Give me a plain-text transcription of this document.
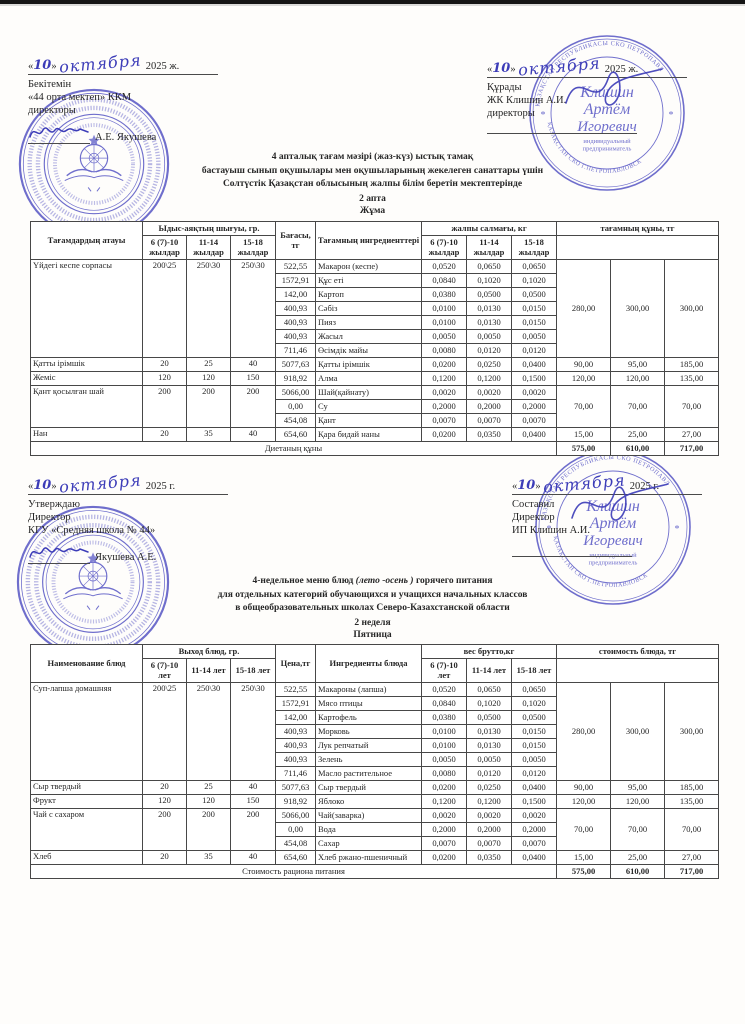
«10»октября 2025 ж.
Бекітемін
«44 орта мектеп» ККМ
директоры
А.Е. Якушева
«10»октября 2025 ж.
Құрады
ЖК Клишин А.И.
директоры
4 апталық тағам мәзірі (жаз-күз) ыстық тамақ
бастауыш сынып оқушылары мен оқушыларының жекелеген санаттары үшін
Солтүстік Қазақстан облысының жалпы білім беретін мектептерінде
2 апта
Жұма
Тағамдардың атауы	Ыдыс-аяқтың шығуы, гр.			Бағасы, тг	Тағамның ингредиенттері	жалпы салмағы, кг			тағамның құны, тг		
	6 (7)-10 жылдар	11-14 жылдар	15-18 жылдар			6 (7)-10 жылдар	11-14 жылдар	15-18 жылдар			
Үйдегі кеспе сорпасы	200\25	250\30	250\30	522,55	Макарон (кеспе)	0,0520	0,0650	0,0650	280,00	300,00	300,00
				1572,91	Құс еті	0,0840	0,1020	0,1020			
				142,00	Картоп	0,0380	0,0500	0,0500			
				400,93	Сәбіз	0,0100	0,0130	0,0150			
				400,93	Пияз	0,0100	0,0130	0,0150			
				400,93	Жасыл	0,0050	0,0050	0,0050			
				711,46	Өсімдік майы	0,0080	0,0120	0,0120			
Қатты ірімшік	20	25	40	5077,63	Қатты ірімшік	0,0200	0,0250	0,0400	90,00	95,00	185,00
Жеміс	120	120	150	918,92	Алма	0,1200	0,1200	0,1500	120,00	120,00	135,00
Қант қосылған шай	200	200	200	5066,00	Шай(қайнату)	0,0020	0,0020	0,0020	70,00	70,00	70,00
				0,00	Су	0,2000	0,2000	0,2000			
				454,08	Қант	0,0070	0,0070	0,0070			
Нан	20	35	40	654,60	Қара бидай наны	0,0200	0,0350	0,0400	15,00	25,00	27,00
Диетаның құны									575,00	610,00	717,00
«10»октября 2025 г.
Утверждаю
Директор
КГУ «Средняя школа № 44»
Якушева А.Е.
«10»октября 2025 г.
Составил
Директор
ИП Клишин А.И.
4-недельное меню блюд (лето -осень ) горячего питания
для отдельных категорий обучающихся и учащихся начальных классов
в общеобразовательных школах Северо-Казахстанской области
2 неделя
Пятница
Наименование блюд	Выход блюд, гр.			Цена,тг	Ингредиенты блюда	вес брутто,кг			стоимость блюда, тг		
	6 (7)-10 лет	11-14 лет	15-18 лет			6 (7)-10 лет	11-14 лет	15-18 лет			
Суп-лапша домашняя	200\25	250\30	250\30	522,55	Макароны (лапша)	0,0520	0,0650	0,0650	280,00	300,00	300,00
				1572,91	Мясо птицы	0,0840	0,1020	0,1020			
				142,00	Картофель	0,0380	0,0500	0,0500			
				400,93	Морковь	0,0100	0,0130	0,0150			
				400,93	Лук репчатый	0,0100	0,0130	0,0150			
				400,93	Зелень	0,0050	0,0050	0,0050			
				711,46	Масло растительное	0,0080	0,0120	0,0120			
Сыр твердый	20	25	40	5077,63	Сыр твердый	0,0200	0,0250	0,0400	90,00	95,00	185,00
Фрукт	120	120	150	918,92	Яблоко	0,1200	0,1200	0,1500	120,00	120,00	135,00
Чай с сахаром	200	200	200	5066,00	Чай(заварка)	0,0020	0,0020	0,0020	70,00	70,00	70,00
				0,00	Вода	0,2000	0,2000	0,2000			
				454,08	Сахар	0,0070	0,0070	0,0070			
Хлеб	20	35	40	654,60	Хлеб ржано-пшеничный	0,0200	0,0350	0,0400	15,00	25,00	27,00
Стоимость рациона питания									575,00	610,00	717,00
